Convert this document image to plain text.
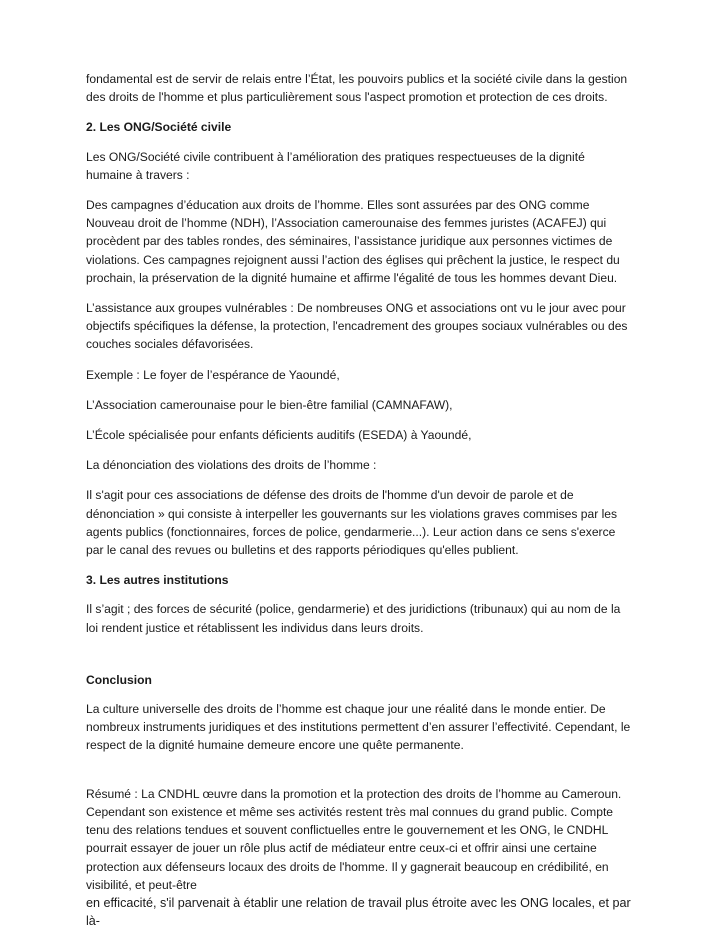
fondamental est de servir de relais entre l’État, les pouvoirs publics et la société civile dans la gestion des droits de l'homme et plus particulièrement sous l'aspect promotion et protection de ces droits.

2. Les ONG/Société civile

Les ONG/Société civile contribuent à l’amélioration des pratiques respectueuses de la dignité humaine à travers :

Des campagnes d’éducation aux droits de l’homme. Elles sont assurées par des ONG comme Nouveau droit de l’homme (NDH), l’Association camerounaise des femmes juristes (ACAFEJ) qui procèdent par des tables rondes, des séminaires, l’assistance juridique aux personnes victimes de violations. Ces campagnes rejoignent aussi l’action des églises qui prêchent la justice, le respect du prochain, la préservation de la dignité humaine et affirme l'égalité de tous les hommes devant Dieu.

L’assistance aux groupes vulnérables : De nombreuses ONG et associations ont vu le jour avec pour objectifs spécifiques la défense, la protection, l'encadrement des groupes sociaux vulnérables ou des couches sociales défavorisées.

Exemple : Le foyer de l’espérance de Yaoundé,

L’Association camerounaise pour le bien-être familial (CAMNAFAW),

L’École spécialisée pour enfants déficients auditifs (ESEDA) à Yaoundé,

La dénonciation des violations des droits de l’homme :

Il s'agit pour ces associations de défense des droits de l'homme d'un devoir de parole et de dénonciation » qui consiste à interpeller les gouvernants sur les violations graves commises par les agents publics (fonctionnaires, forces de police, gendarmerie...). Leur action dans ce sens s'exerce par le canal des revues ou bulletins et des rapports périodiques qu'elles publient.

3. Les autres institutions

Il s’agit ; des forces de sécurité (police, gendarmerie) et des juridictions (tribunaux) qui au nom de la loi rendent justice et rétablissent les individus dans leurs droits.

Conclusion

La culture universelle des droits de l’homme est chaque jour une réalité dans le monde entier. De nombreux instruments juridiques et des institutions permettent d’en assurer l’effectivité. Cependant, le respect de la dignité humaine demeure encore une quête permanente.

Résumé : La CNDHL œuvre dans la promotion et la protection des droits de l’homme au Cameroun. Cependant son existence et même ses activités restent très mal connues du grand public. Compte tenu des relations tendues et souvent conflictuelles entre le gouvernement et les ONG, le CNDHL pourrait essayer de jouer un rôle plus actif de médiateur entre ceux-ci et offrir ainsi une certaine protection aux défenseurs locaux des droits de l'homme. Il y gagnerait beaucoup en crédibilité, en visibilité, et peut-être

en efficacité, s'il parvenait à établir une relation de travail plus étroite avec les ONG locales, et par là-
